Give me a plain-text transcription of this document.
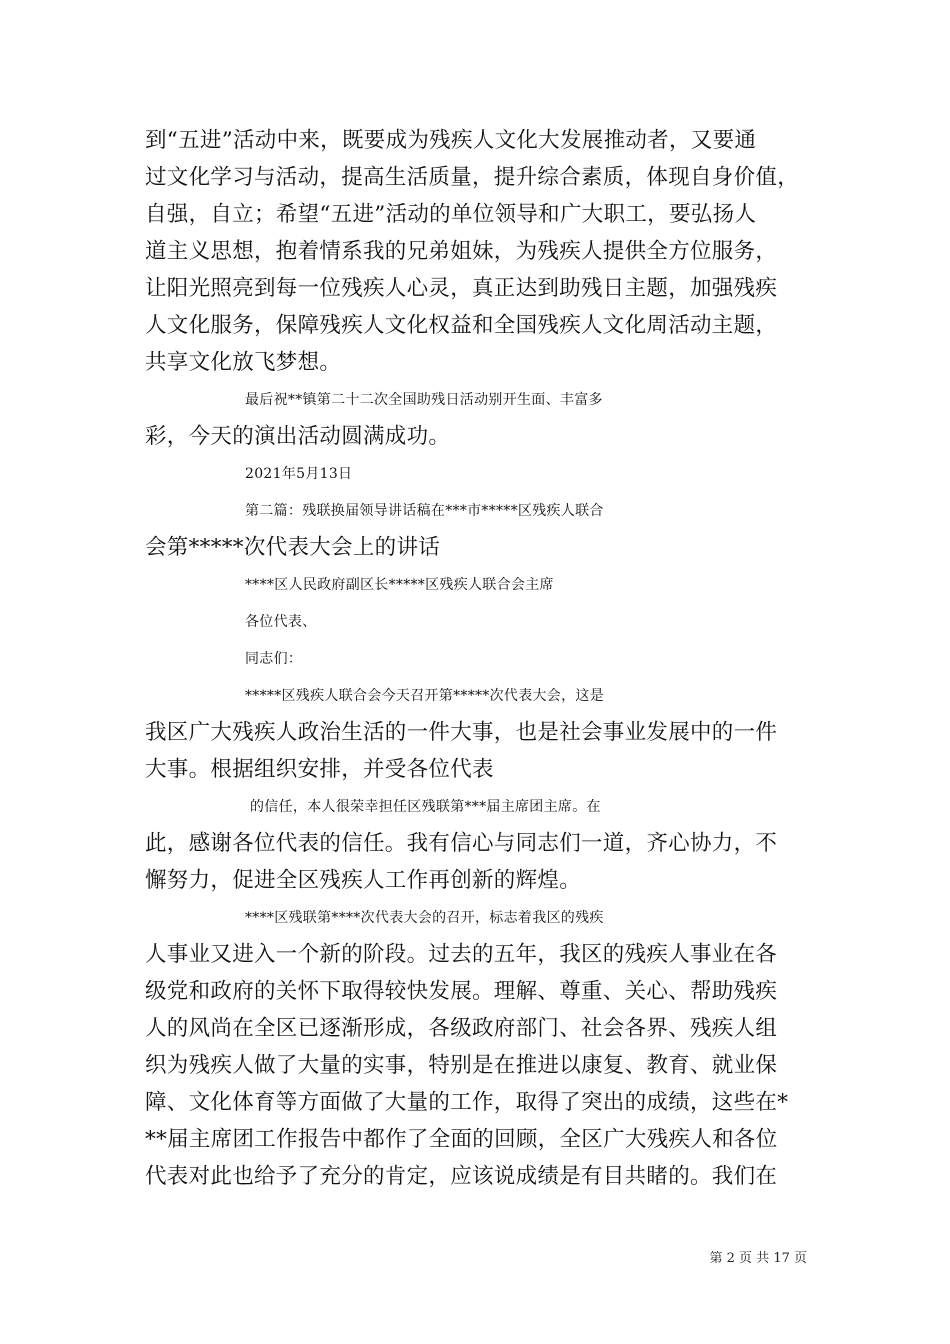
到“五进”活动中来，既要成为残疾人文化大发展推动者，又要通
过文化学习与活动，提高生活质量，提升综合素质，体现自身价值，
自强，自立；希望“五进”活动的单位领导和广大职工，要弘扬人
道主义思想，抱着情系我的兄弟姐妹，为残疾人提供全方位服务，
让阳光照亮到每一位残疾人心灵，真正达到助残日主题，加强残疾
人文化服务，保障残疾人文化权益和全国残疾人文化周活动主题，
共享文化放飞梦想。
最后祝**镇第二十二次全国助残日活动别开生面、丰富多
彩，今天的演出活动圆满成功。
2021年5月13日
第二篇：残联换届领导讲话稿在***市*****区残疾人联合
会第*****次代表大会上的讲话
****区人民政府副区长*****区残疾人联合会主席
各位代表、
同志们：
*****区残疾人联合会今天召开第*****次代表大会，这是
我区广大残疾人政治生活的一件大事，也是社会事业发展中的一件
大事。根据组织安排，并受各位代表
的信任，本人很荣幸担任区残联第***届主席团主席。在
此，感谢各位代表的信任。我有信心与同志们一道，齐心协力，不
懈努力，促进全区残疾人工作再创新的辉煌。
****区残联第****次代表大会的召开，标志着我区的残疾
人事业又进入一个新的阶段。过去的五年，我区的残疾人事业在各
级党和政府的关怀下取得较快发展。理解、尊重、关心、帮助残疾
人的风尚在全区已逐渐形成，各级政府部门、社会各界、残疾人组
织为残疾人做了大量的实事，特别是在推进以康复、教育、就业保
障、文化体育等方面做了大量的工作，取得了突出的成绩，这些在*
**届主席团工作报告中都作了全面的回顾，全区广大残疾人和各位
代表对此也给予了充分的肯定，应该说成绩是有目共睹的。我们在
第 2 页 共 17 页
